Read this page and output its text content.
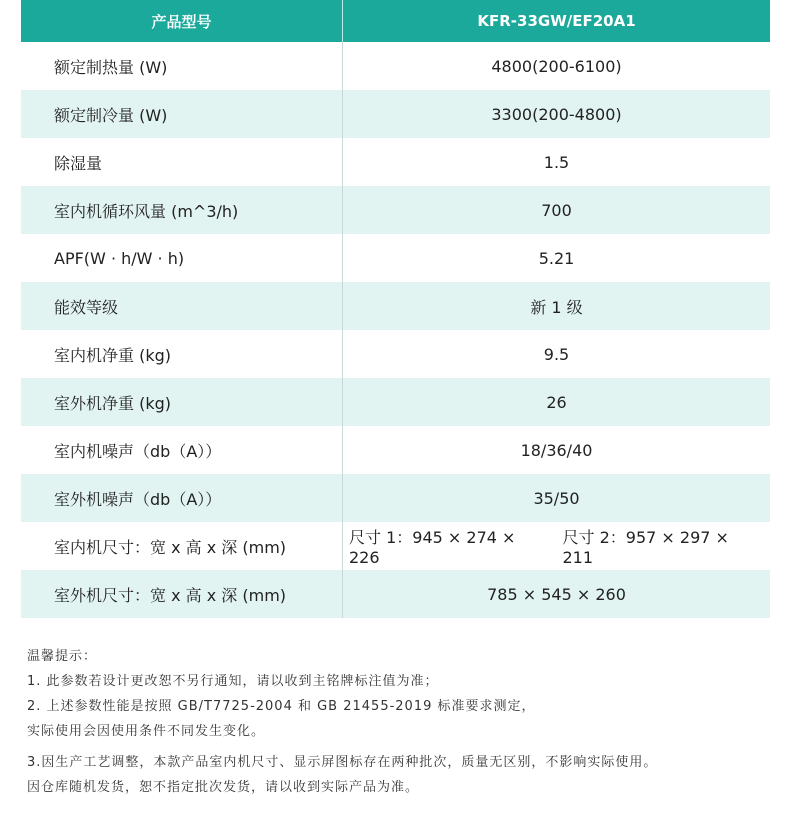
产品型号	KFR-33GW/EF20A1
额定制热量 (W)	4800(200-6100)
额定制冷量 (W)	3300(200-4800)
除湿量	1.5
室内机循环风量 (m^3/h)	700
APF(W · h/W · h)	5.21
能效等级	新 1 级
室内机净重 (kg)	9.5
室外机净重 (kg)	26
室内机噪声（db（A））	18/36/40
室外机噪声（db（A））	35/50
室内机尺寸：宽 x 高 x 深 (mm)	尺寸 1：945 × 274 × 226
尺寸 2：957 × 297 × 211
室外机尺寸：宽 x 高 x 深 (mm)	785 × 545 × 260
温馨提示：
1. 此参数若设计更改恕不另行通知，请以收到主铭牌标注值为准；
2. 上述参数性能是按照 GB/T7725-2004 和 GB 21455-2019 标准要求测定，
实际使用会因使用条件不同发生变化。
3.因生产工艺调整，本款产品室内机尺寸、显示屏图标存在两种批次，质量无区别，不影响实际使用。
因仓库随机发货，恕不指定批次发货，请以收到实际产品为准。
